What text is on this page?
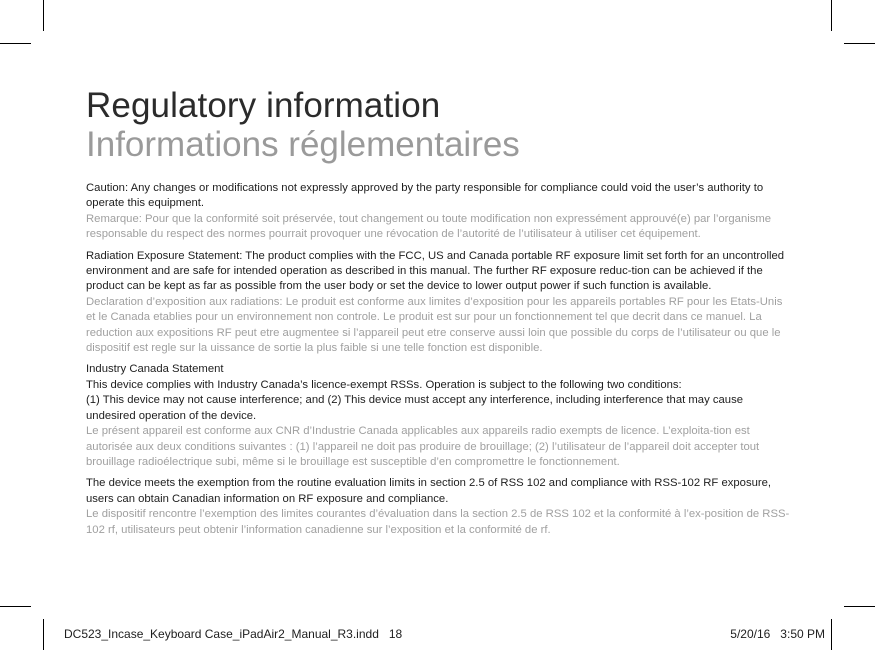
Regulatory information
Informations réglementaires

Caution: Any changes or modifications not expressly approved by the party responsible for compliance could void the user’s authority to operate this equipment.

Remarque: Pour que la conformité soit préservée, tout changement ou toute modification non expressément approuvé(e) par l’organisme responsable du respect des normes pourrait provoquer une révocation de l’autorité de l’utilisateur à utiliser cet équipement.

Radiation Exposure Statement: The product complies with the FCC, US and Canada portable RF exposure limit set forth for an uncontrolled environment and are safe for intended operation as described in this manual. The further RF exposure reduc-tion can be achieved if the product can be kept as far as possible from the user body or set the device to lower output power if such function is available.

Declaration d’exposition aux radiations: Le produit est conforme aux limites d’exposition pour les appareils portables RF pour les Etats-Unis et le Canada etablies pour un environnement non controle. Le produit est sur pour un fonctionnement tel que decrit dans ce manuel. La reduction aux expositions RF peut etre augmentee si l’appareil peut etre conserve aussi loin que possible du corps de l’utilisateur ou que le dispositif est regle sur la uissance de sortie la plus faible si une telle fonction est disponible.

Industry Canada Statement

This device complies with Industry Canada’s licence-exempt RSSs. Operation is subject to the following two conditions:

(1) This device may not cause interference; and (2) This device must accept any interference, including interference that may cause undesired operation of the device.

Le présent appareil est conforme aux CNR d’Industrie Canada applicables aux appareils radio exempts de licence. L’exploita-tion est autorisée aux deux conditions suivantes : (1) l’appareil ne doit pas produire de brouillage; (2) l’utilisateur de l’appareil doit accepter tout brouillage radioélectrique subi, même si le brouillage est susceptible d’en compromettre le fonctionnement.

The device meets the exemption from the routine evaluation limits in section 2.5 of RSS 102 and compliance with RSS-102 RF exposure, users can obtain Canadian information on RF exposure and compliance.

Le dispositif rencontre l’exemption des limites courantes d’évaluation dans la section 2.5 de RSS 102 et la conformité à l’ex-position de RSS-102 rf, utilisateurs peut obtenir l’information canadienne sur l’exposition et la conformité de rf.

DC523_Incase_Keyboard Case_iPadAir2_Manual_R3.indd   18	5/20/16   3:50 PM
